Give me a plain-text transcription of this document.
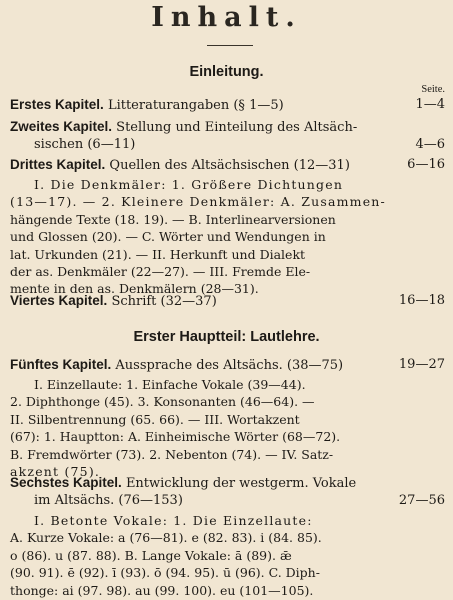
Inhalt.
Einleitung.
Seite.
Erstes Kapitel. Litteraturangaben (§ 1—5)	1—4
Zweites Kapitel. Stellung und Einteilung des Altsäch-
sischen (6—11)	4—6
Drittes Kapitel. Quellen des Altsächsischen (12—31)	6—16
I. Die Denkmäler: 1. Größere Dichtungen
(13—17). — 2. Kleinere Denkmäler: A. Zusammen-
hängende Texte (18. 19). — B. Interlinearversionen
und Glossen (20). — C. Wörter und Wendungen in
lat. Urkunden (21). — II. Herkunft und Dialekt
der as. Denkmäler (22—27). — III. Fremde Ele-
mente in den as. Denkmälern (28—31).
Viertes Kapitel. Schrift (32—37)	16—18
Erster Hauptteil: Lautlehre.
Fünftes Kapitel. Aussprache des Altsächs. (38—75)	19—27
I. Einzellaute: 1. Einfache Vokale (39—44).
2. Diphthonge (45). 3. Konsonanten (46—64). —
II. Silbentrennung (65. 66). — III. Wortakzent
(67): 1. Hauptton: A. Einheimische Wörter (68—72).
B. Fremdwörter (73). 2. Nebenton (74). — IV. Satz-
akzent (75).
Sechstes Kapitel. Entwicklung der westgerm. Vokale
im Altsächs. (76—153)	27—56
I. Betonte Vokale: 1. Die Einzellaute:
A. Kurze Vokale: a (76—81). e (82. 83). i (84. 85).
o (86). u (87. 88). B. Lange Vokale: ā (89). ǣ
(90. 91). ē (92). ī (93). ō (94. 95). ū (96). C. Diph-
thonge: ai (97. 98). au (99. 100). eu (101—105).
